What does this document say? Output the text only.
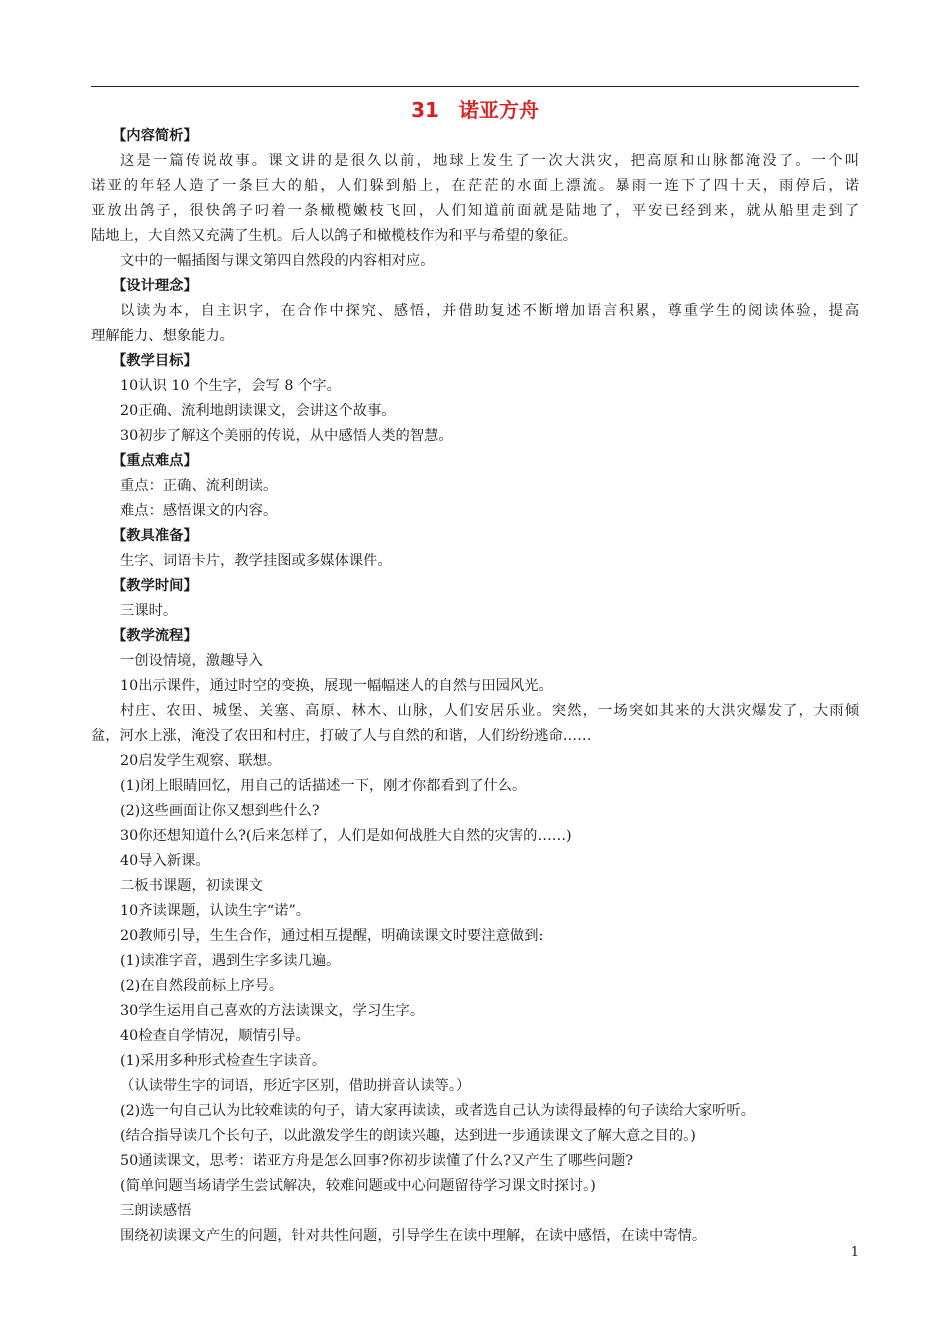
31　诺亚方舟
【内容简析】
这是一篇传说故事。课文讲的是很久以前，地球上发生了一次大洪灾，把高原和山脉都淹没了。一个叫
诺亚的年轻人造了一条巨大的船，人们躲到船上，在茫茫的水面上漂流。暴雨一连下了四十天，雨停后，诺
亚放出鸽子，很快鸽子叼着一条橄榄嫩枝飞回，人们知道前面就是陆地了，平安已经到来，就从船里走到了
陆地上，大自然又充满了生机。后人以鸽子和橄榄枝作为和平与希望的象征。
文中的一幅插图与课文第四自然段的内容相对应。
【设计理念】
以读为本，自主识字，在合作中探究、感悟，并借助复述不断增加语言积累，尊重学生的阅读体验，提高
理解能力、想象能力。
【教学目标】
10认识 10 个生字，会写 8 个字。
20正确、流利地朗读课文，会讲这个故事。
30初步了解这个美丽的传说，从中感悟人类的智慧。
【重点难点】
重点：正确、流利朗读。
难点：感悟课文的内容。
【教具准备】
生字、词语卡片，教学挂图或多媒体课件。
【教学时间】
三课时。
【教学流程】
一创设情境，激趣导入
10出示课件，通过时空的变换，展现一幅幅迷人的自然与田园风光。
村庄、农田、城堡、关塞、高原、林木、山脉，人们安居乐业。突然，一场突如其来的大洪灾爆发了，大雨倾
盆，河水上涨，淹没了农田和村庄，打破了人与自然的和谐，人们纷纷逃命……
20启发学生观察、联想。
(1)闭上眼睛回忆，用自己的话描述一下，刚才你都看到了什么。
(2)这些画面让你又想到些什么?
30你还想知道什么?(后来怎样了，人们是如何战胜大自然的灾害的……)
40导入新课。
二板书课题，初读课文
10齐读课题，认读生字“诺”。
20教师引导，生生合作，通过相互提醒，明确读课文时要注意做到:
(1)读准字音，遇到生字多读几遍。
(2)在自然段前标上序号。
30学生运用自己喜欢的方法读课文，学习生字。
40检查自学情况，顺情引导。
(1)采用多种形式检查生字读音。
（认读带生字的词语，形近字区别，借助拼音认读等。）
(2)选一句自己认为比较难读的句子，请大家再读读，或者选自己认为读得最棒的句子读给大家听听。
(结合指导读几个长句子，以此激发学生的朗读兴趣，达到进一步通读课文了解大意之目的。)
50通读课文，思考：诺亚方舟是怎么回事?你初步读懂了什么?又产生了哪些问题?
(简单问题当场请学生尝试解决，较难问题或中心问题留待学习课文时探讨。)
三朗读感悟
围绕初读课文产生的问题，针对共性问题，引导学生在读中理解，在读中感悟，在读中寄情。
1
